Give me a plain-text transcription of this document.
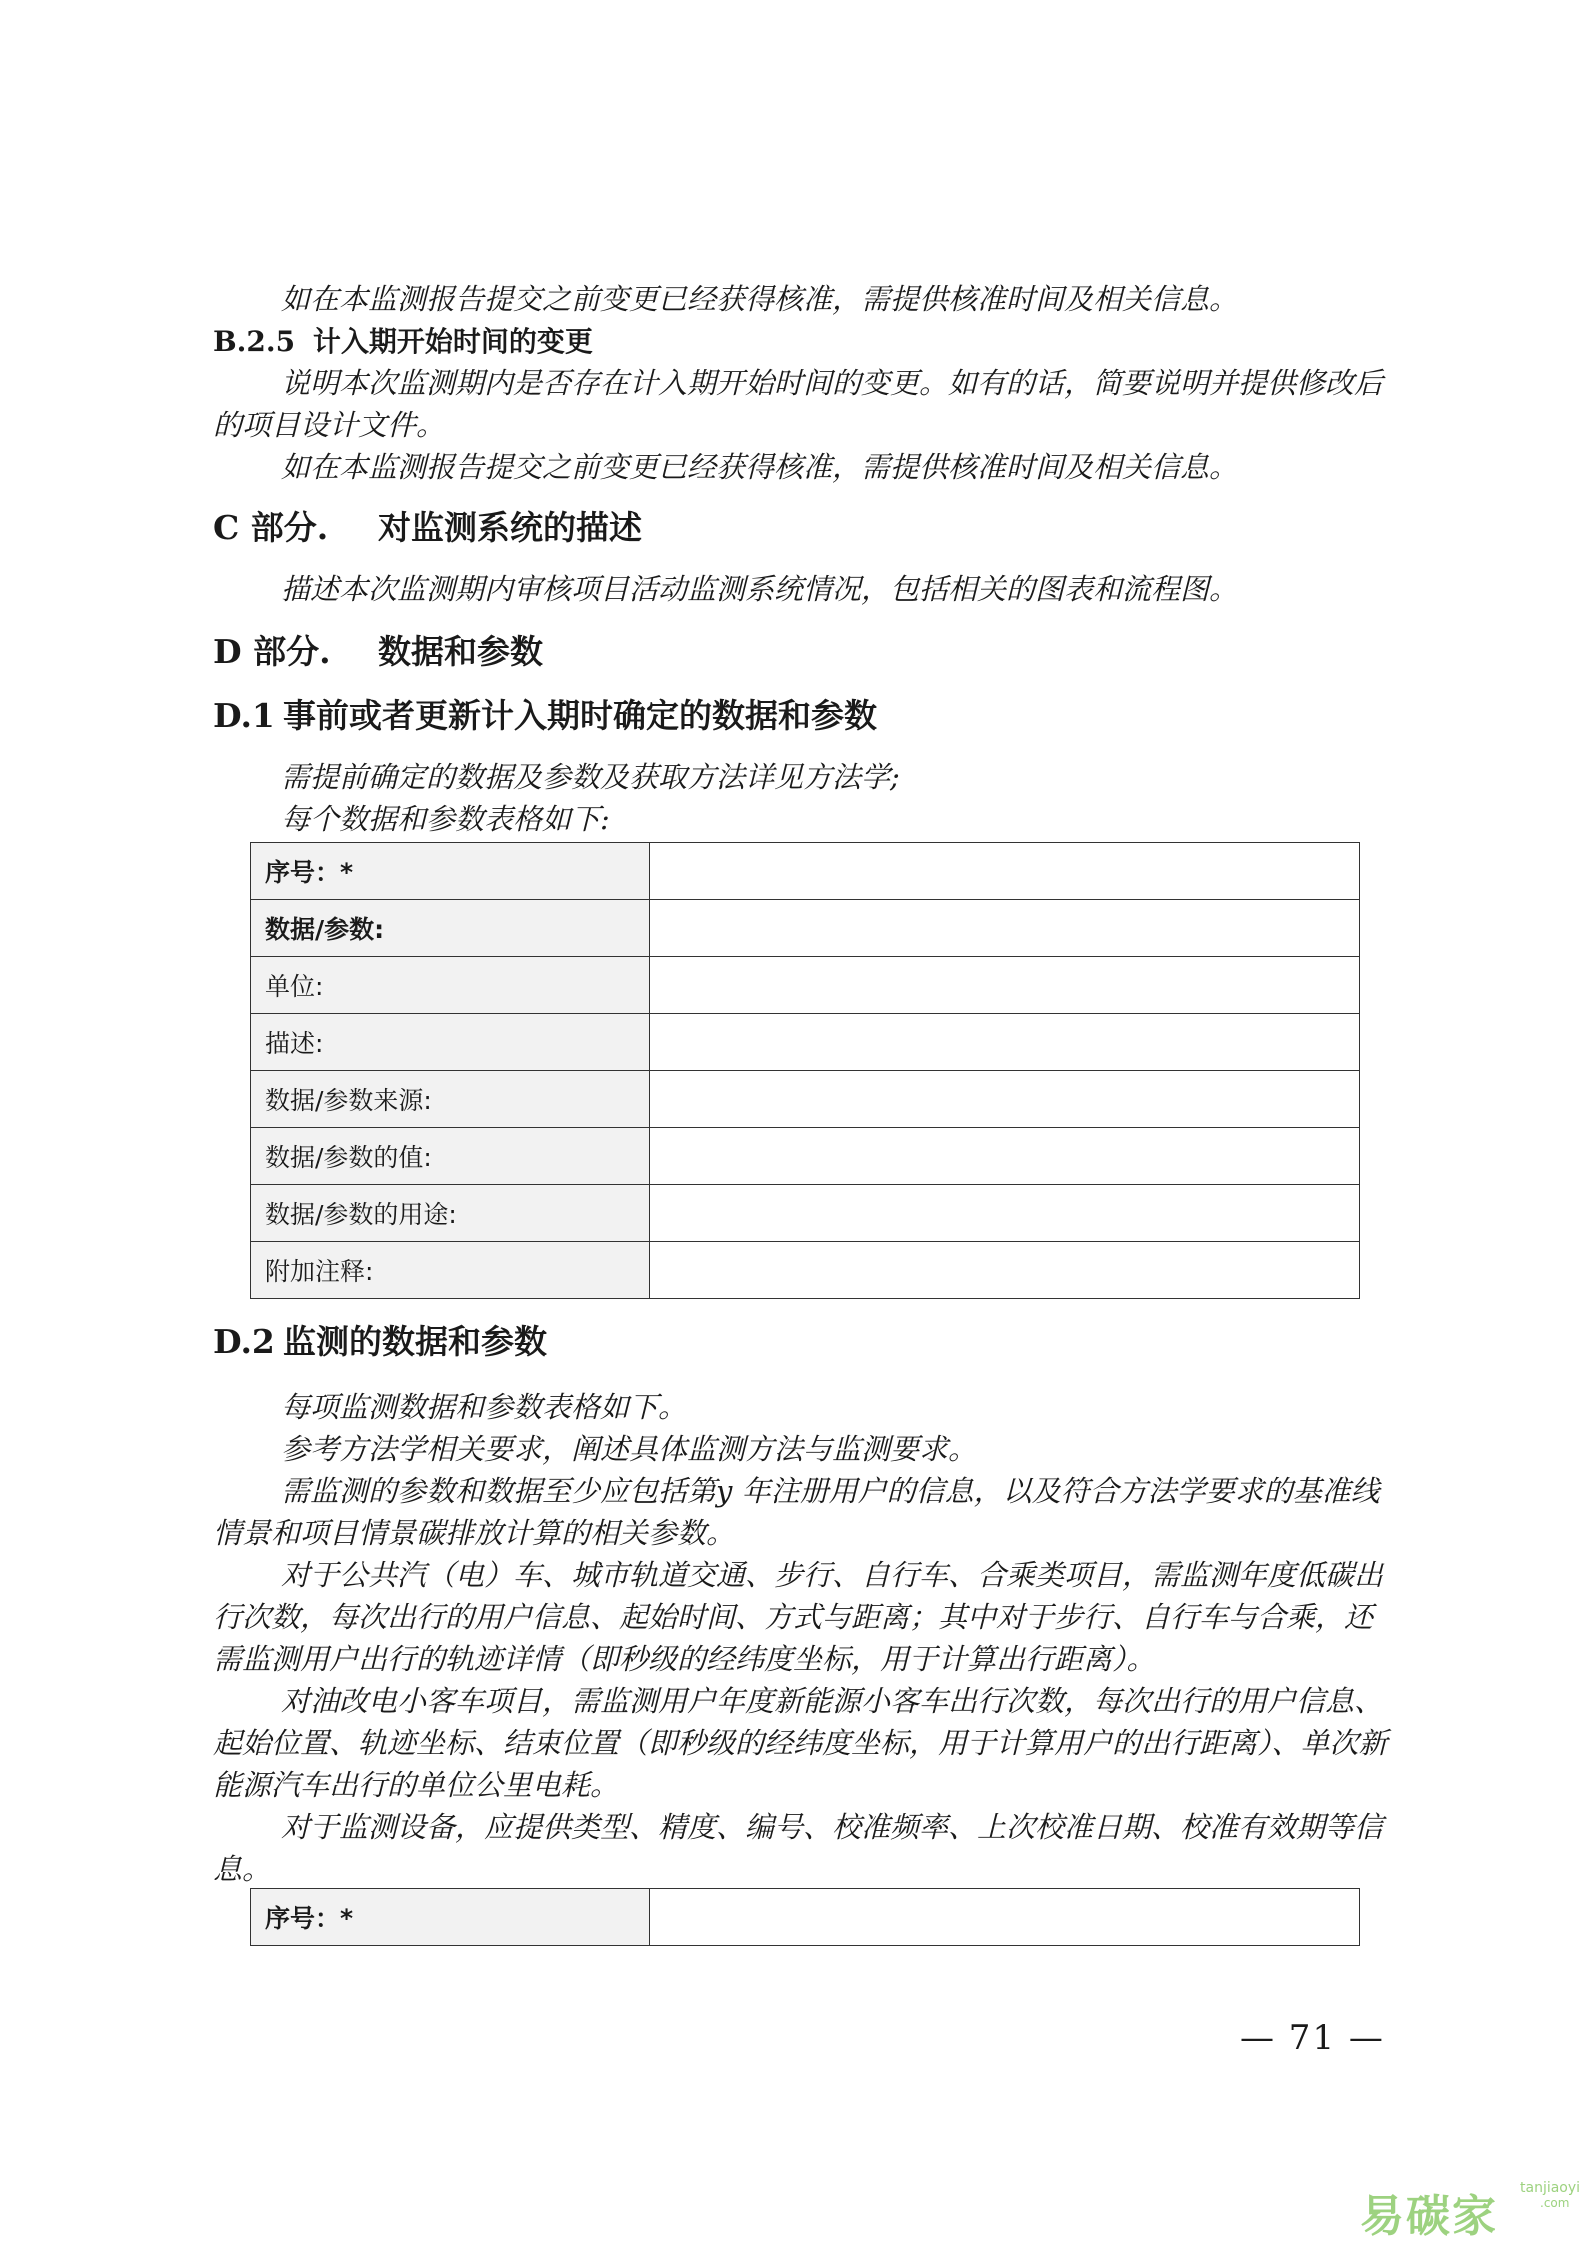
如在本监测报告提交之前变更已经获得核准，需提供核准时间及相关信息。

B.2.5 计入期开始时间的变更

说明本次监测期内是否存在计入期开始时间的变更。如有的话，简要说明并提供修改后的项目设计文件。

如在本监测报告提交之前变更已经获得核准，需提供核准时间及相关信息。

C 部分. 对监测系统的描述

描述本次监测期内审核项目活动监测系统情况，包括相关的图表和流程图。

D 部分. 数据和参数
D.1 事前或者更新计入期时确定的数据和参数

需提前确定的数据及参数及获取方法详见方法学;

每个数据和参数表格如下:

序号：*	
数据/参数:	
单位:	
描述:	
数据/参数来源:	
数据/参数的值:	
数据/参数的用途:	
附加注释:	
D.2 监测的数据和参数

每项监测数据和参数表格如下。

参考方法学相关要求，阐述具体监测方法与监测要求。

需监测的参数和数据至少应包括第y 年注册用户的信息，以及符合方法学要求的基准线情景和项目情景碳排放计算的相关参数。

对于公共汽（电）车、城市轨道交通、步行、自行车、合乘类项目，需监测年度低碳出行次数，每次出行的用户信息、起始时间、方式与距离；其中对于步行、自行车与合乘，还需监测用户出行的轨迹详情（即秒级的经纬度坐标，用于计算出行距离）。

对油改电小客车项目，需监测用户年度新能源小客车出行次数，每次出行的用户信息、起始位置、轨迹坐标、结束位置（即秒级的经纬度坐标，用于计算用户的出行距离）、单次新能源汽车出行的单位公里电耗。

对于监测设备，应提供类型、精度、编号、校准频率、上次校准日期、校准有效期等信息。

序号：*	
— 71 —
易碳家
tanjiaoyi
.com
